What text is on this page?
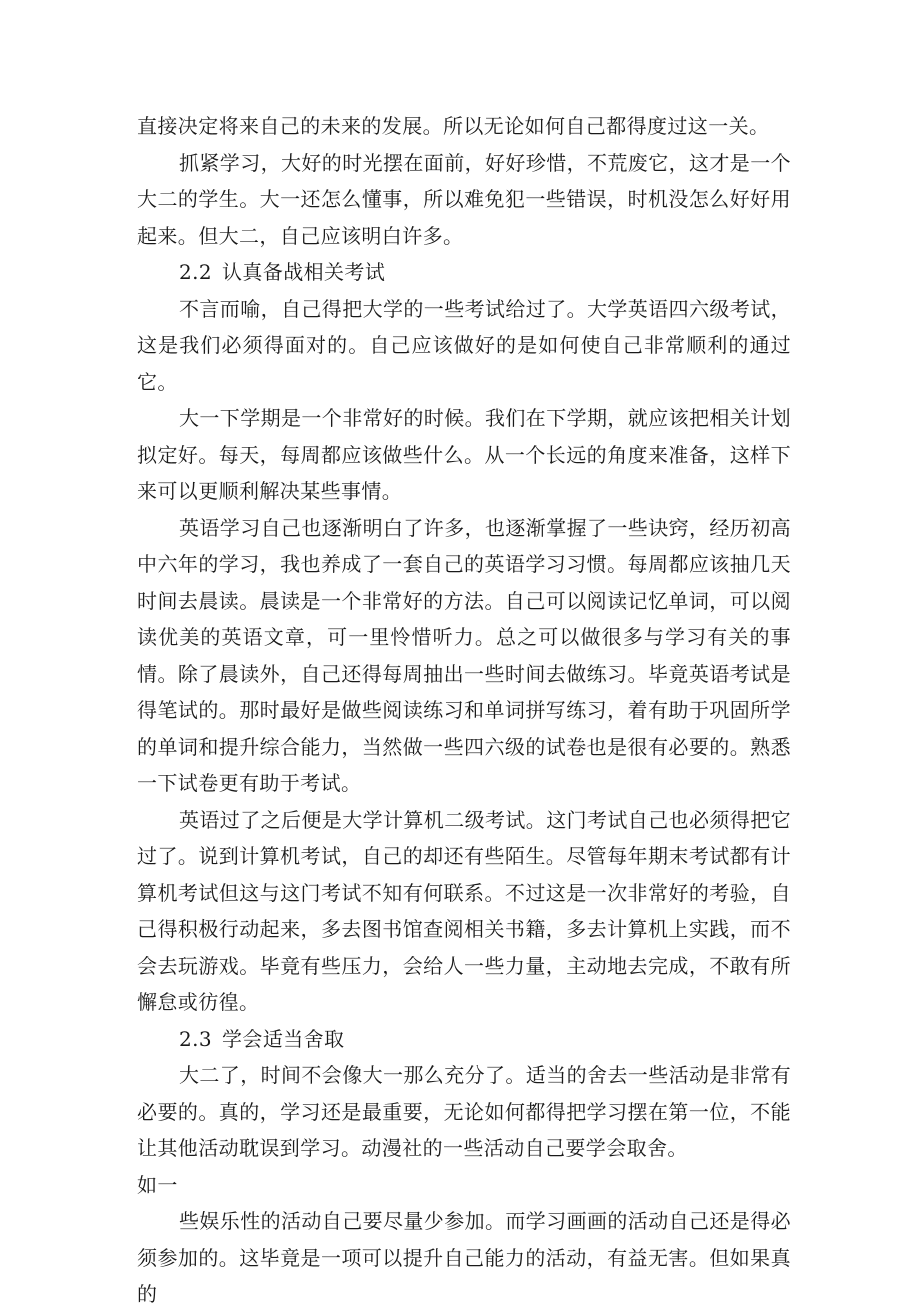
直接决定将来自己的未来的发展。所以无论如何自己都得度过这一关。

抓紧学习，大好的时光摆在面前，好好珍惜，不荒废它，这才是一个大二的学生。大一还怎么懂事，所以难免犯一些错误，时机没怎么好好用起来。但大二，自己应该明白许多。

2.2 认真备战相关考试

不言而喻，自己得把大学的一些考试给过了。大学英语四六级考试，这是我们必须得面对的。自己应该做好的是如何使自己非常顺利的通过它。

大一下学期是一个非常好的时候。我们在下学期，就应该把相关计划拟定好。每天，每周都应该做些什么。从一个长远的角度来准备，这样下来可以更顺利解决某些事情。

英语学习自己也逐渐明白了许多，也逐渐掌握了一些诀窍，经历初高中六年的学习，我也养成了一套自己的英语学习习惯。每周都应该抽几天时间去晨读。晨读是一个非常好的方法。自己可以阅读记忆单词，可以阅读优美的英语文章，可一里怜惜听力。总之可以做很多与学习有关的事情。除了晨读外，自己还得每周抽出一些时间去做练习。毕竟英语考试是得笔试的。那时最好是做些阅读练习和单词拼写练习，着有助于巩固所学的单词和提升综合能力，当然做一些四六级的试卷也是很有必要的。熟悉一下试卷更有助于考试。

英语过了之后便是大学计算机二级考试。这门考试自己也必须得把它过了。说到计算机考试，自己的却还有些陌生。尽管每年期末考试都有计算机考试但这与这门考试不知有何联系。不过这是一次非常好的考验，自己得积极行动起来，多去图书馆查阅相关书籍，多去计算机上实践，而不会去玩游戏。毕竟有些压力，会给人一些力量，主动地去完成，不敢有所懈怠或彷徨。

2.3 学会适当舍取

大二了，时间不会像大一那么充分了。适当的舍去一些活动是非常有必要的。真的，学习还是最重要，无论如何都得把学习摆在第一位，不能让其他活动耽误到学习。动漫社的一些活动自己要学会取舍。

如一

些娱乐性的活动自己要尽量少参加。而学习画画的活动自己还是得必须参加的。这毕竟是一项可以提升自己能力的活动，有益无害。但如果真的
